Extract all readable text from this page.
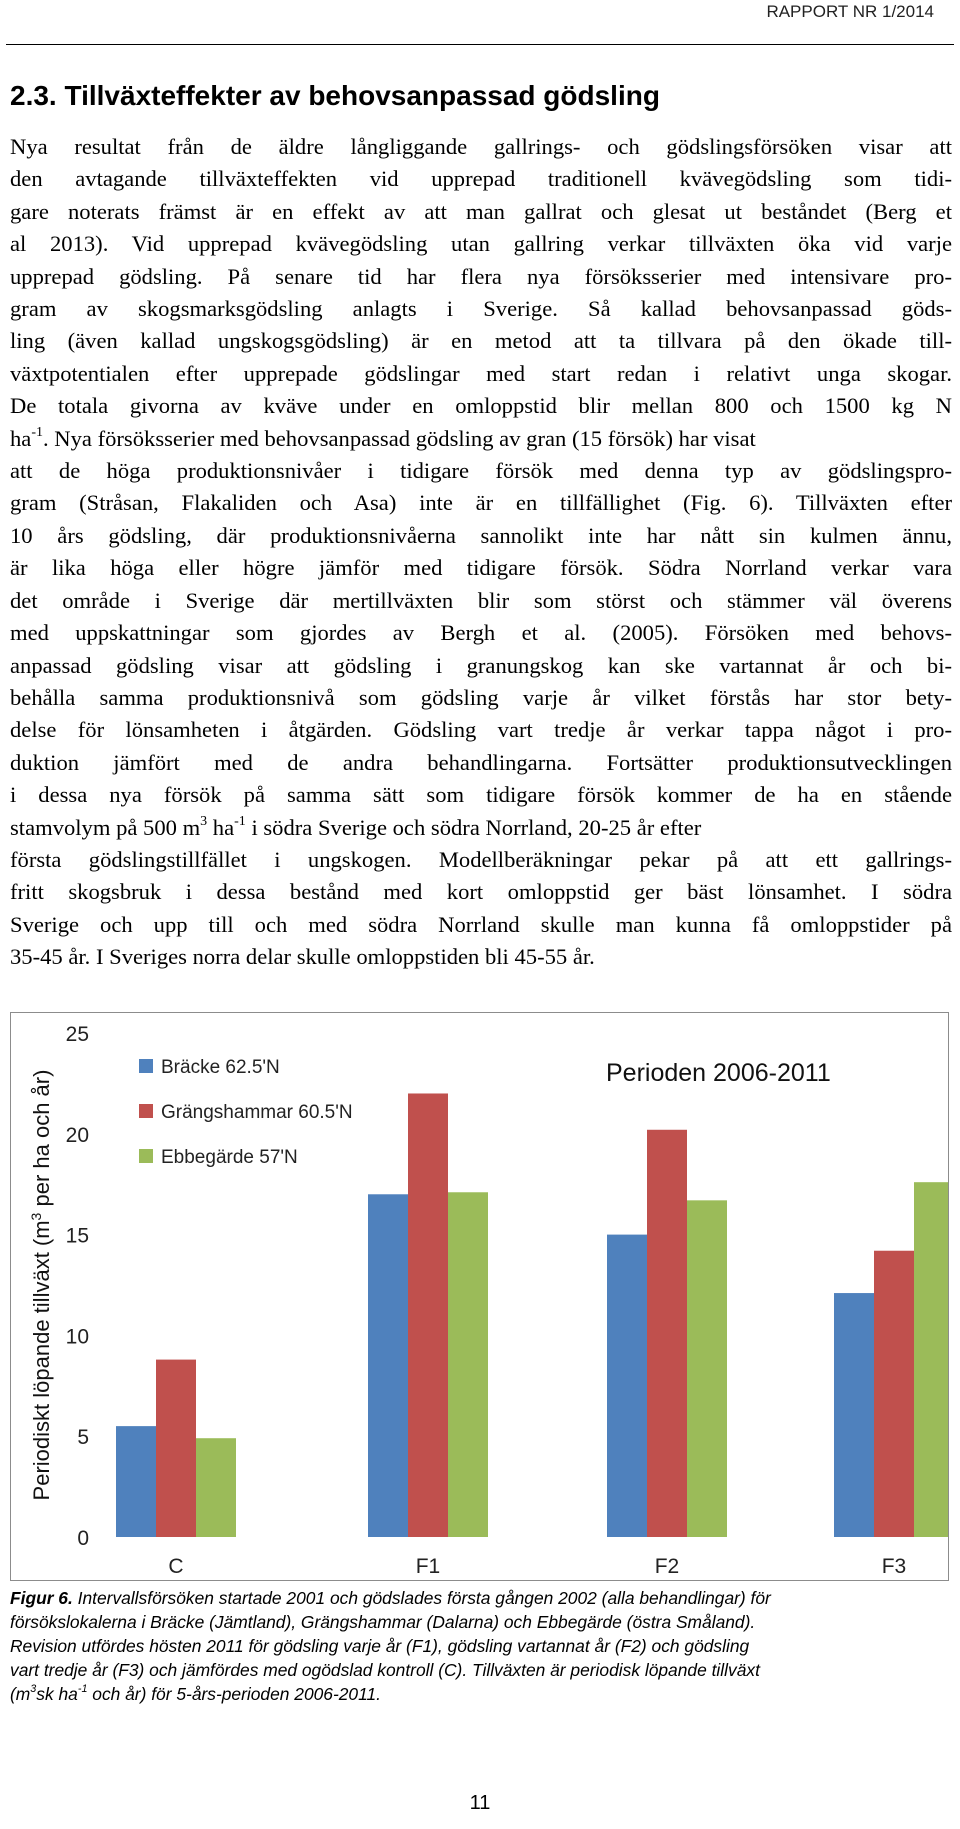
RAPPORT NR 1/2014
2.3. Tillväxteffekter av behovsanpassad gödsling
Nya resultat från de äldre långliggande gallrings- och gödslingsförsöken visar att
den avtagande tillväxteffekten vid upprepad traditionell kvävegödsling som tidi-
gare noterats främst är en effekt av att man gallrat och glesat ut beståndet (Berg et
al 2013). Vid upprepad kvävegödsling utan gallring verkar tillväxten öka vid varje
upprepad gödsling. På senare tid har flera nya försöksserier med intensivare pro-
gram av skogsmarksgödsling anlagts i Sverige. Så kallad behovsanpassad göds-
ling (även kallad ungskogsgödsling) är en metod att ta tillvara på den ökade till-
växtpotentialen efter upprepade gödslingar med start redan i relativt unga skogar.
De totala givorna av kväve under en omloppstid blir mellan 800 och 1500 kg N
$ha^{-1}$. Nya försöksserier med behovsanpassad gödsling av gran (15 försök) har visat
att de höga produktionsnivåer i tidigare försök med denna typ av gödslingspro-
gram (Stråsan, Flakaliden och Asa) inte är en tillfällighet (Fig. 6). Tillväxten efter
10 års gödsling, där produktionsnivåerna sannolikt inte har nått sin kulmen ännu,
är lika höga eller högre jämför med tidigare försök. Södra Norrland verkar vara
det område i Sverige där mertillväxten blir som störst och stämmer väl överens
med uppskattningar som gjordes av Bergh et al. (2005). Försöken med behovs-
anpassad gödsling visar att gödsling i granungskog kan ske vartannat år och bi-
behålla samma produktionsnivå som gödsling varje år vilket förstås har stor bety-
delse för lönsamheten i åtgärden. Gödsling vart tredje år verkar tappa något i pro-
duktion jämfört med de andra behandlingarna. Fortsätter produktionsutvecklingen
i dessa nya försök på samma sätt som tidigare försök kommer de ha en stående
stamvolym på 500 $m^3$ $ha^{-1}$ i södra Sverige och södra Norrland, 20-25 år efter
första gödslingstillfället i ungskogen. Modellberäkningar pekar på att ett gallrings-
fritt skogsbruk i dessa bestånd med kort omloppstid ger bäst lönsamhet. I södra
Sverige och upp till och med södra Norrland skulle man kunna få omloppstider på
35-45 år. I Sveriges norra delar skulle omloppstiden bli 45-55 år.
0
5
10
15
20
25
Periodiskt löpande tillväxt ($m^3$ per ha och år)
C	F1	F2	F3
Bräcke 62.5'N
Grängshammar 60.5'N
Ebbegärde 57'N
Perioden 2006-2011
Figur 6. Intervallsförsöken startade 2001 och gödslades första gången 2002 (alla behandlingar) för
försökslokalerna i Bräcke (Jämtland), Grängshammar (Dalarna) och Ebbegärde (östra Småland).
Revision utfördes hösten 2011 för gödsling varje år (F1), gödsling vartannat år (F2) och gödsling
vart tredje år (F3) och jämfördes med ogödslad kontroll (C). Tillväxten är periodisk löpande tillväxt
($m^3sk$ $ha^{-1}$ och år) för 5-års-perioden 2006-2011.
11
